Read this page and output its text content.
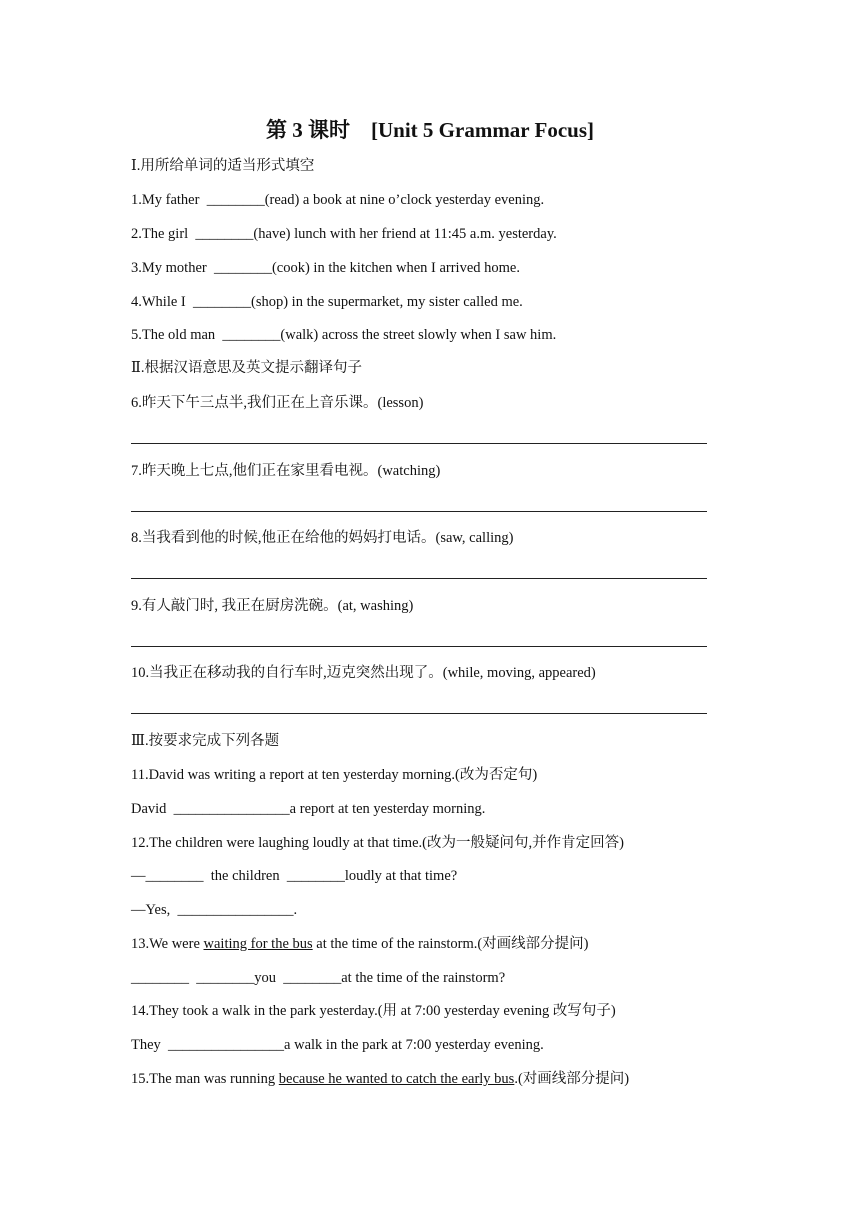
第 3 课时    [Unit 5 Grammar Focus]
Ⅰ.用所给单词的适当形式填空
1.My father  ________(read) a book at nine o’clock yesterday evening.
2.The girl  ________(have) lunch with her friend at 11:45 a.m. yesterday.
3.My mother  ________(cook) in the kitchen when I arrived home.
4.While I  ________(shop) in the supermarket, my sister called me.
5.The old man  ________(walk) across the street slowly when I saw him.
Ⅱ.根据汉语意思及英文提示翻译句子
6.昨天下午三点半,我们正在上音乐课。(lesson)
7.昨天晚上七点,他们正在家里看电视。(watching)
8.当我看到他的时候,他正在给他的妈妈打电话。(saw, calling)
9.有人敲门时, 我正在厨房洗碗。(at, washing)
10.当我正在移动我的自行车时,迈克突然出现了。(while, moving, appeared)
Ⅲ.按要求完成下列各题
11.David was writing a report at ten yesterday morning.(改为否定句)
David  ________________a report at ten yesterday morning.
12.The children were laughing loudly at that time.(改为一般疑问句,并作肯定回答)
—________  the children  ________loudly at that time?
—Yes,  ________________.
13.We were waiting for the bus at the time of the rainstorm.(对画线部分提问)
________  ________you  ________at the time of the rainstorm?
14.They took a walk in the park yesterday.(用 at 7:00 yesterday evening 改写句子)
They  ________________a walk in the park at 7:00 yesterday evening.
15.The man was running because he wanted to catch the early bus.(对画线部分提问)
